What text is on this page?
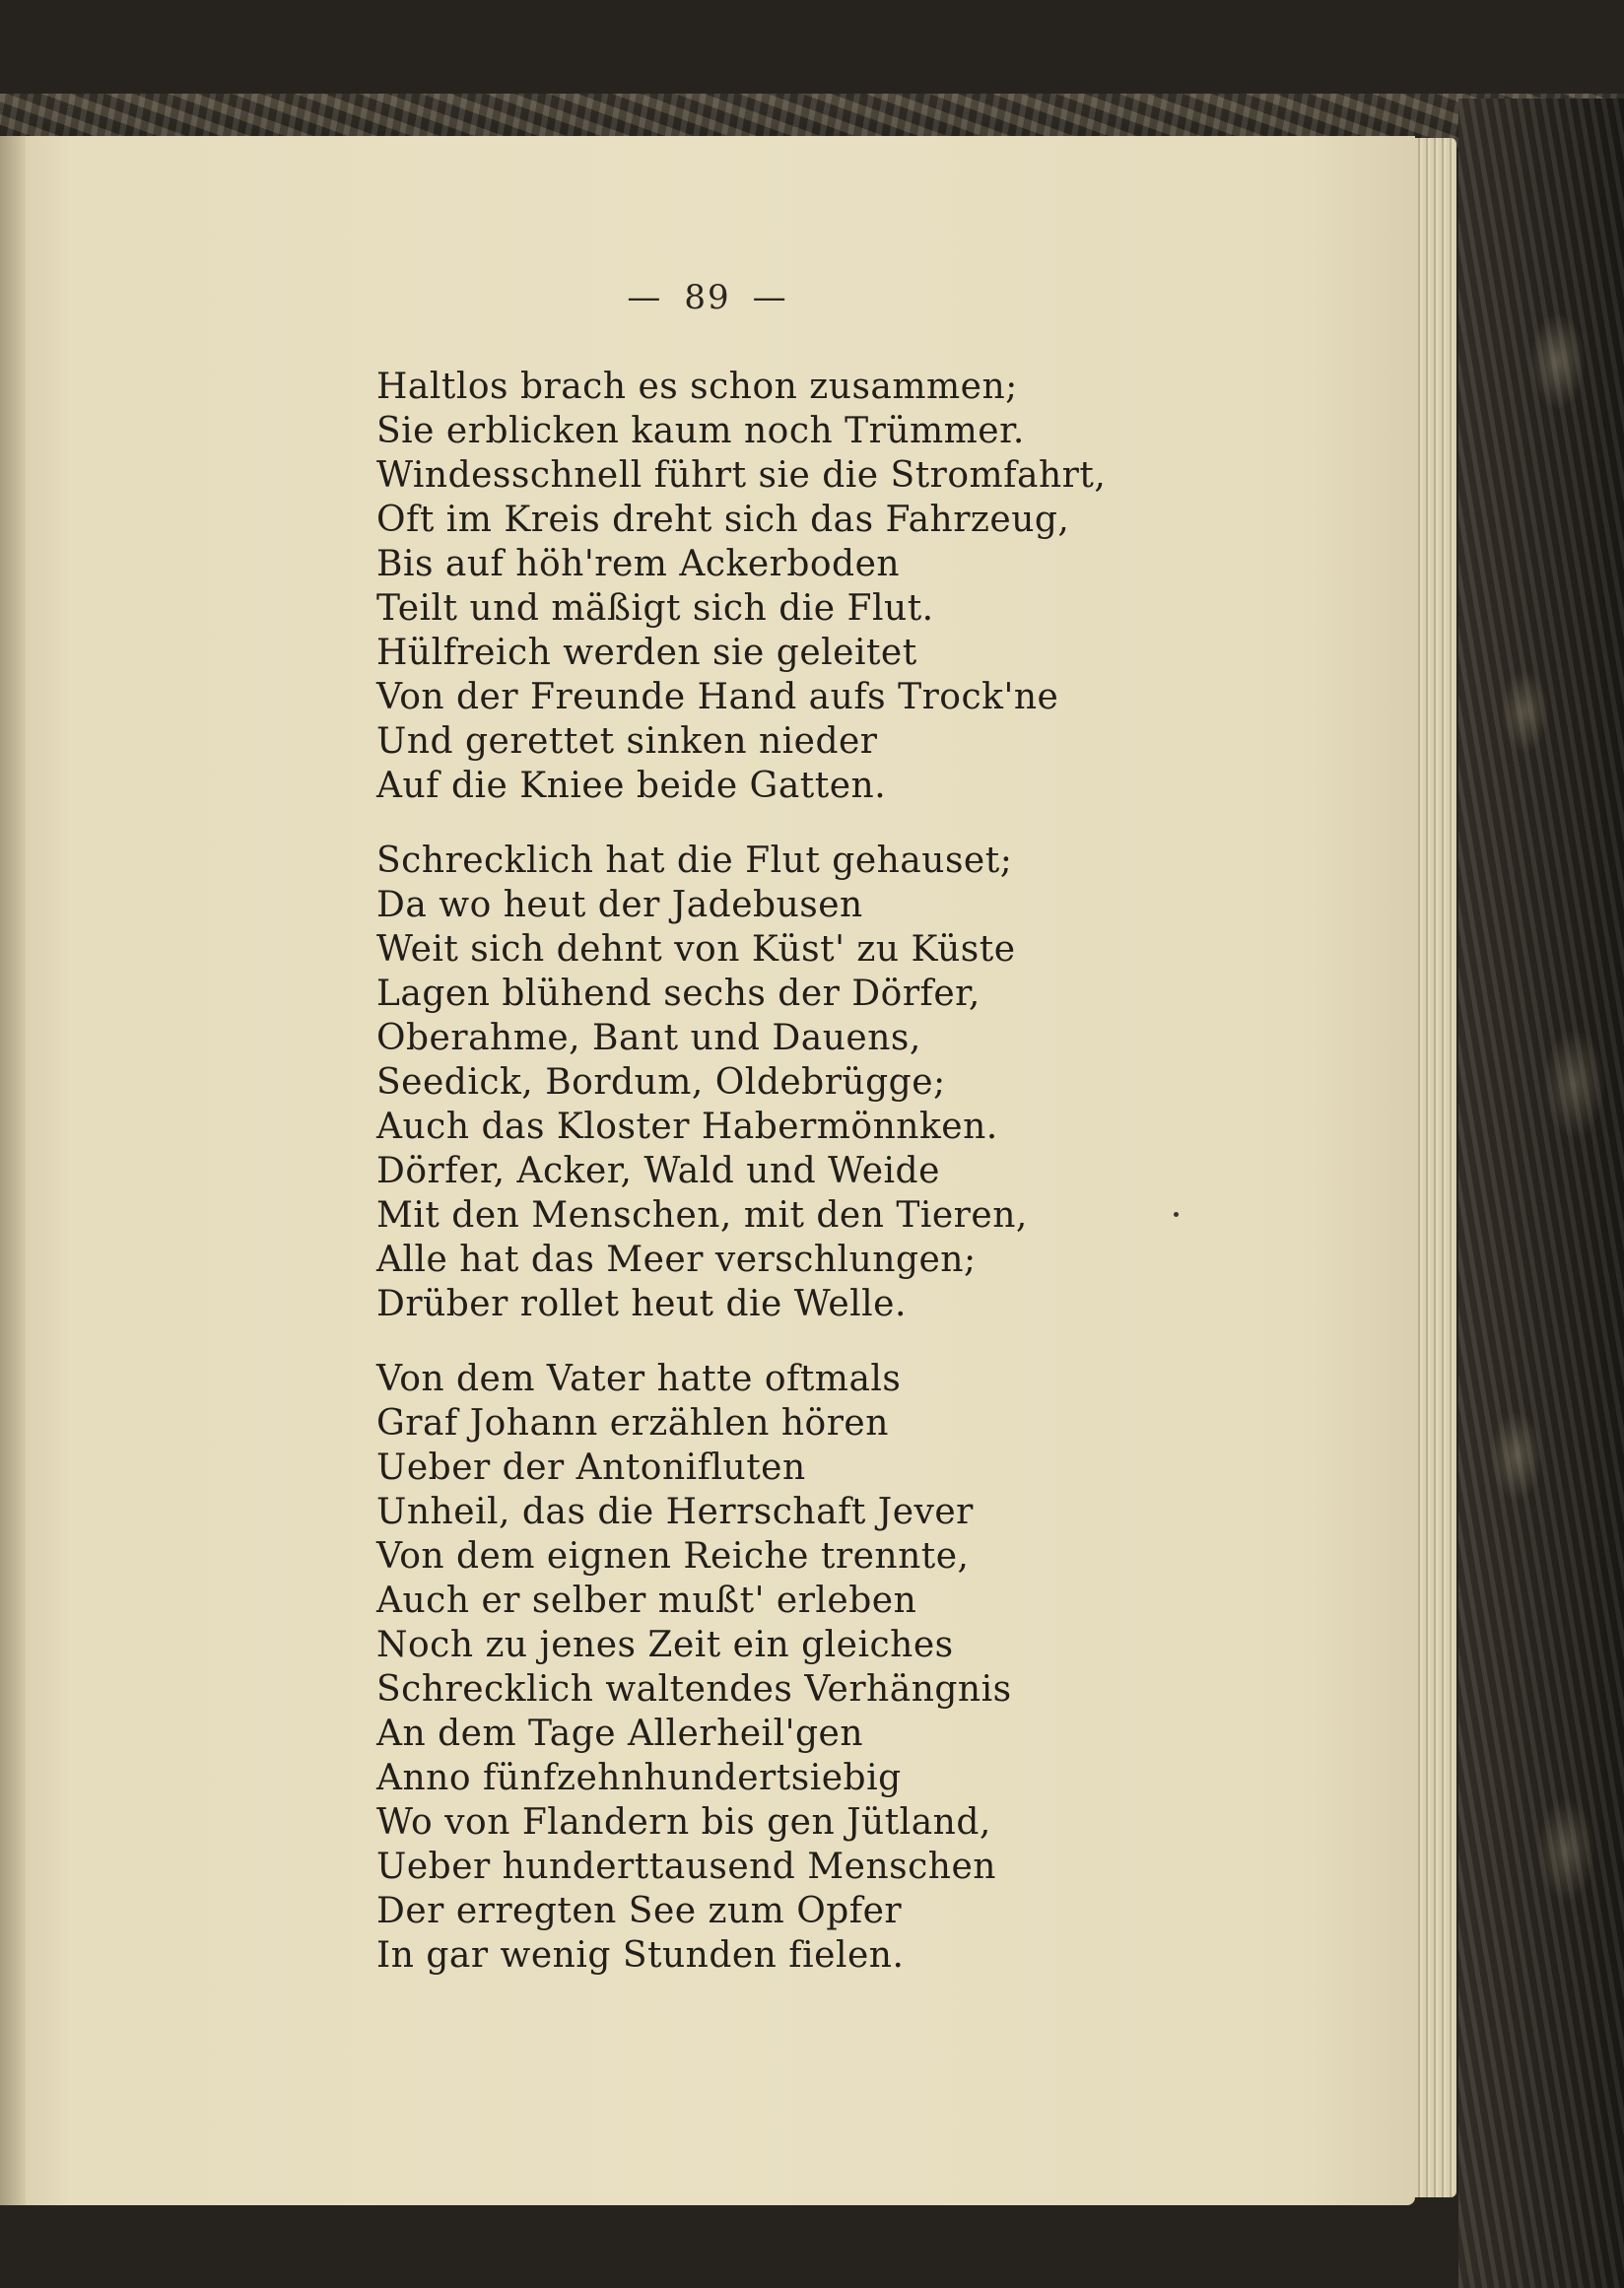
— 89 —
Haltlos brach es schon zusammen;
Sie erblicken kaum noch Trümmer.
Windesschnell führt sie die Stromfahrt,
Oft im Kreis dreht sich das Fahrzeug,
Bis auf höh'rem Ackerboden
Teilt und mäßigt sich die Flut.
Hülfreich werden sie geleitet
Von der Freunde Hand aufs Trock'ne
Und gerettet sinken nieder
Auf die Kniee beide Gatten.
Schrecklich hat die Flut gehauset;
Da wo heut der Jadebusen
Weit sich dehnt von Küst' zu Küste
Lagen blühend sechs der Dörfer,
Oberahme, Bant und Dauens,
Seedick, Bordum, Oldebrügge;
Auch das Kloster Habermönnken.
Dörfer, Acker, Wald und Weide
Mit den Menschen, mit den Tieren,
Alle hat das Meer verschlungen;
Drüber rollet heut die Welle.
Von dem Vater hatte oftmals
Graf Johann erzählen hören
Ueber der Antonifluten
Unheil, das die Herrschaft Jever
Von dem eignen Reiche trennte,
Auch er selber mußt' erleben
Noch zu jenes Zeit ein gleiches
Schrecklich waltendes Verhängnis
An dem Tage Allerheil'gen
Anno fünfzehnhundertsiebig
Wo von Flandern bis gen Jütland,
Ueber hunderttausend Menschen
Der erregten See zum Opfer
In gar wenig Stunden fielen.
